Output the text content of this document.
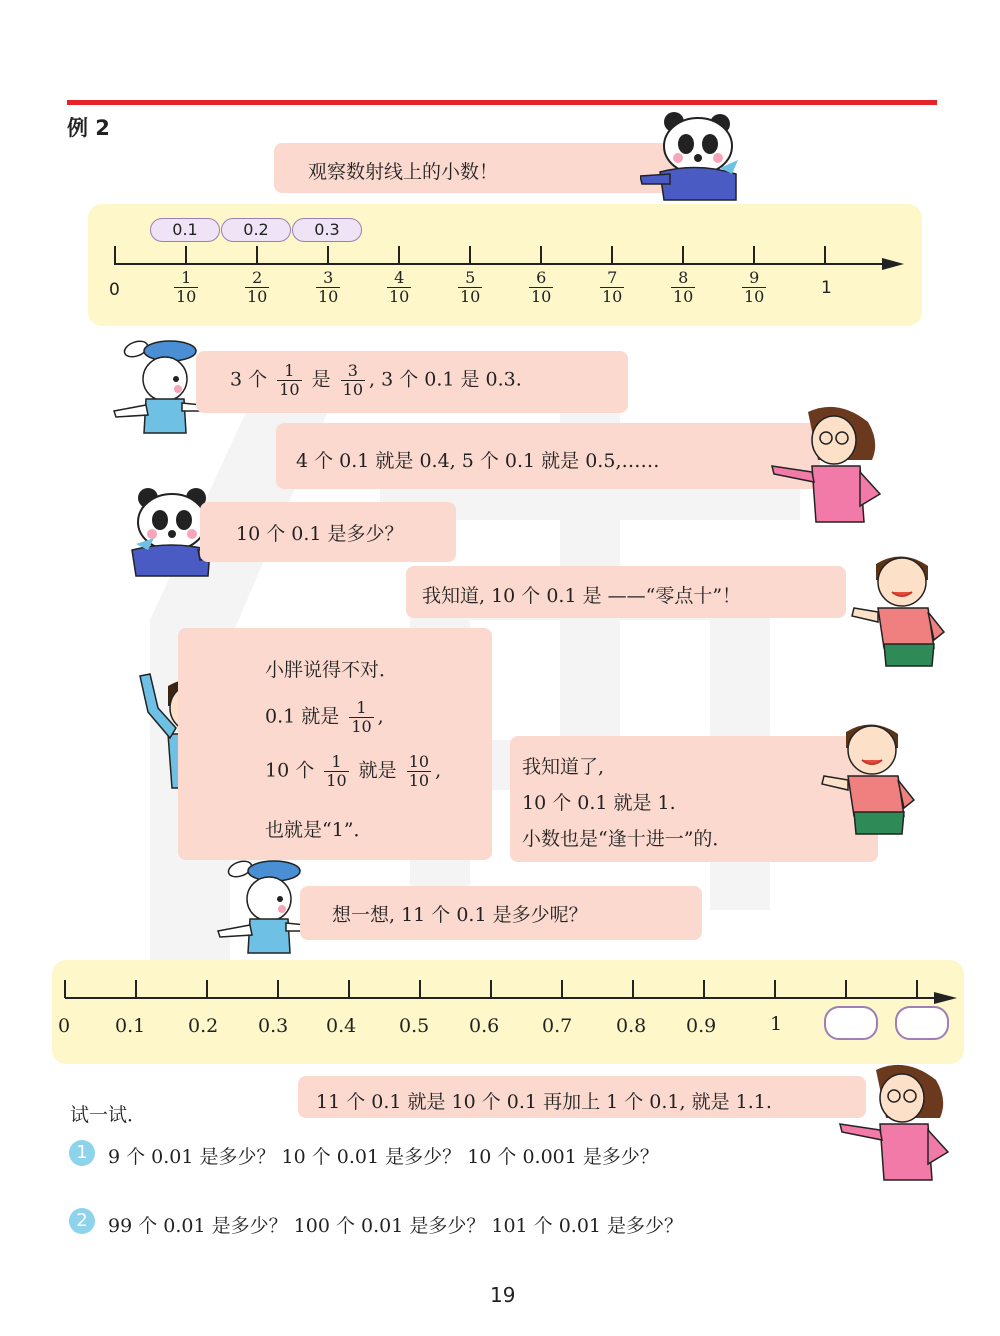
例 2
观察数射线上的小数！
0.1	0.2	0.3
0	$\frac{1}{10}$	$\frac{2}{10}$	$\frac{3}{10}$	$\frac{4}{10}$	$\frac{5}{10}$	$\frac{6}{10}$	$\frac{7}{10}$	$\frac{8}{10}$	$\frac{9}{10}$	1
3 个 $\frac{1}{10}$ 是 $\frac{3}{10}$ , 3 个 0.1 是 0.3.
4 个 0.1 就是 0.4, 5 个 0.1 就是 0.5,……
10 个 0.1 是多少？
我知道, 10 个 0.1 是 ——“零点十”！
小胖说得不对．
0.1 就是 $\frac{1}{10}$ ,
10 个 $\frac{1}{10}$ 就是 $\frac{10}{10}$ ,
也就是“1”．
我知道了,
10 个 0.1 就是 1.
小数也是“逢十进一”的．
想一想, 11 个 0.1 是多少呢？
0 0.1 0.2 0.3 0.4 0.5 0.6 0.7 0.8 0.9	1
11 个 0.1 就是 10 个 0.1 再加上 1 个 0.1, 就是 1.1.
试一试．
1	9 个 0.01 是多少？ 10 个 0.01 是多少？ 10 个 0.001 是多少？
2	99 个 0.01 是多少？ 100 个 0.01 是多少？ 101 个 0.01 是多少？
19
